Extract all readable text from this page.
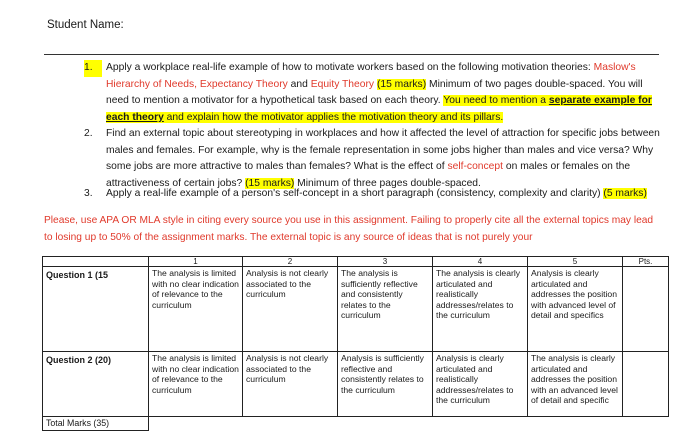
Student Name:
1.	Apply a workplace real-life example of how to motivate workers based on the following motivation theories: Maslow's Hierarchy of Needs, Expectancy Theory and Equity Theory (15 marks) Minimum of two pages double-spaced. You will need to mention a motivator for a hypothetical task based on each theory. You need to mention a separate example for each theory and explain how the motivator applies the motivation theory and its pillars.
2.	Find an external topic about stereotyping in workplaces and how it affected the level of attraction for specific jobs between males and females. For example, why is the female representation in some jobs higher than males and vice versa? Why some jobs are more attractive to males than females? What is the effect of self-concept on males or females on the attractiveness of certain jobs? (15 marks) Minimum of three pages double-spaced.
3.	Apply a real-life example of a person's self-concept in a short paragraph (consistency, complexity and clarity) (5 marks)
Please, use APA OR MLA style in citing every source you use in this assignment. Failing to properly cite all the external topics may lead to losing up to 50% of the assignment marks. The external topic is any source of ideas that is not purely your
	1	2	3	4	5	Pts.
Question 1 (15	The analysis is limited with no clear indication of relevance to the curriculum	Analysis is not clearly associated to the curriculum	The analysis is sufficiently reflective and consistently relates to the curriculum	The analysis is clearly articulated and realistically addresses/relates to the curriculum	Analysis is clearly articulated and addresses the position with advanced level of detail and specifics	
Question 2 (20)	The analysis is limited with no clear indication of relevance to the curriculum	Analysis is not clearly associated to the curriculum	Analysis is sufficiently reflective and consistently relates to the curriculum	Analysis is clearly articulated and realistically addresses/relates to the curriculum	The analysis is clearly articulated and addresses the position with an advanced level of detail and specific	
Total Marks (35)						
